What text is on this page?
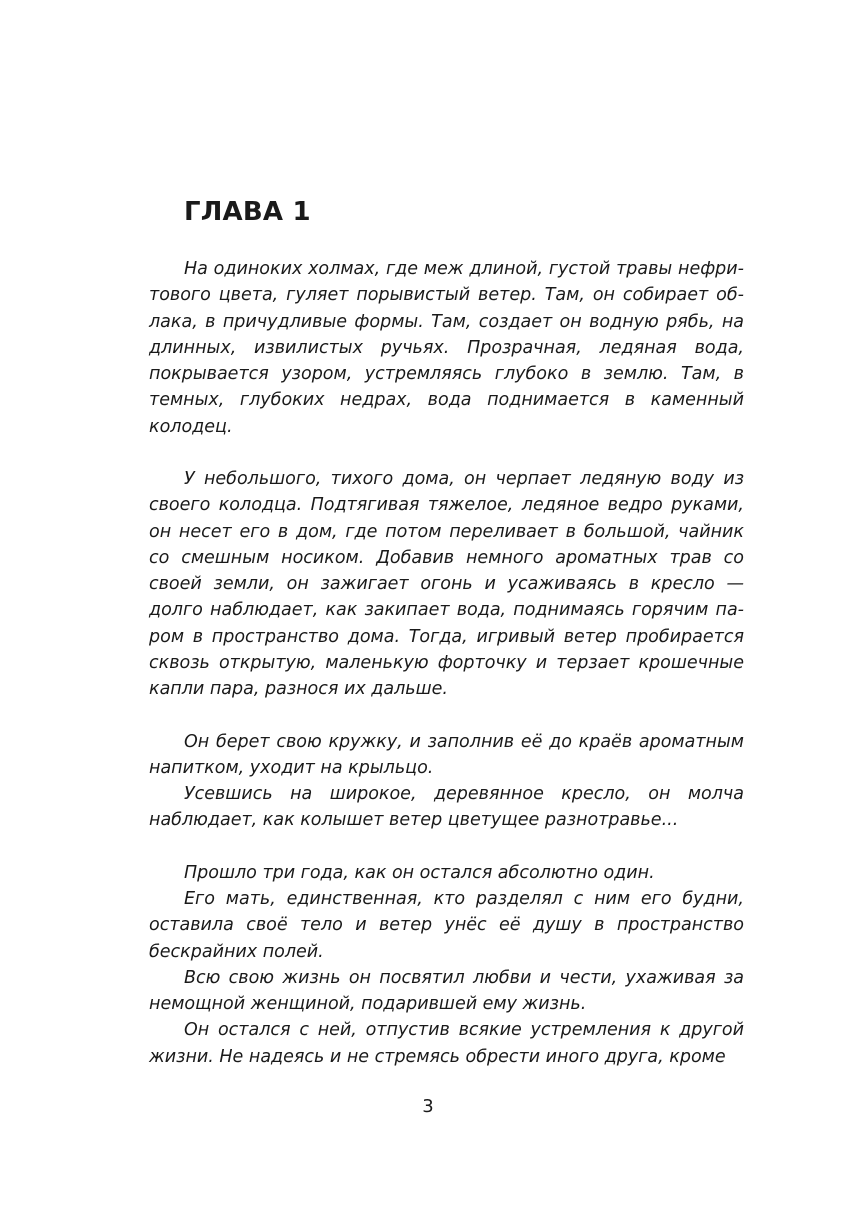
ГЛАВА 1

На одиноких холмах, где меж длиной, густой травы нефритового цвета, гуляет порывистый ветер. Там, он собирает облака, в причудливые формы. Там, создает он водную рябь, на длинных, извилистых ручьях. Прозрачная, ледяная вода, покрывается узором, устремляясь глубоко в землю. Там, в темных, глубоких недрах, вода поднимается в каменный колодец.

У небольшого, тихого дома, он черпает ледяную воду из своего колодца. Подтягивая тяжелое, ледяное ведро руками, он несет его в дом, где потом переливает в большой, чайник со смешным носиком. Добавив немного ароматных трав со своей земли, он зажигает огонь и усаживаясь в кресло — долго наблюдает, как закипает вода, поднимаясь горячим паром в пространство дома. Тогда, игривый ветер пробирается сквозь открытую, маленькую форточку и терзает крошечные капли пара, разнося их дальше.

Он берет свою кружку, и заполнив её до краёв ароматным напитком, уходит на крыльцо.

Усевшись на широкое, деревянное кресло, он молча наблюдает, как колышет ветер цветущее разнотравье...

Прошло три года, как он остался абсолютно один.

Его мать, единственная, кто разделял с ним его будни, оставила своё тело и ветер унёс её душу в пространство бескрайних полей.

Всю свою жизнь он посвятил любви и чести, ухаживая за немощной женщиной, подарившей ему жизнь.

Он остался с ней, отпустив всякие устремления к другой жизни. Не надеясь и не стремясь обрести иного друга, кроме

3
